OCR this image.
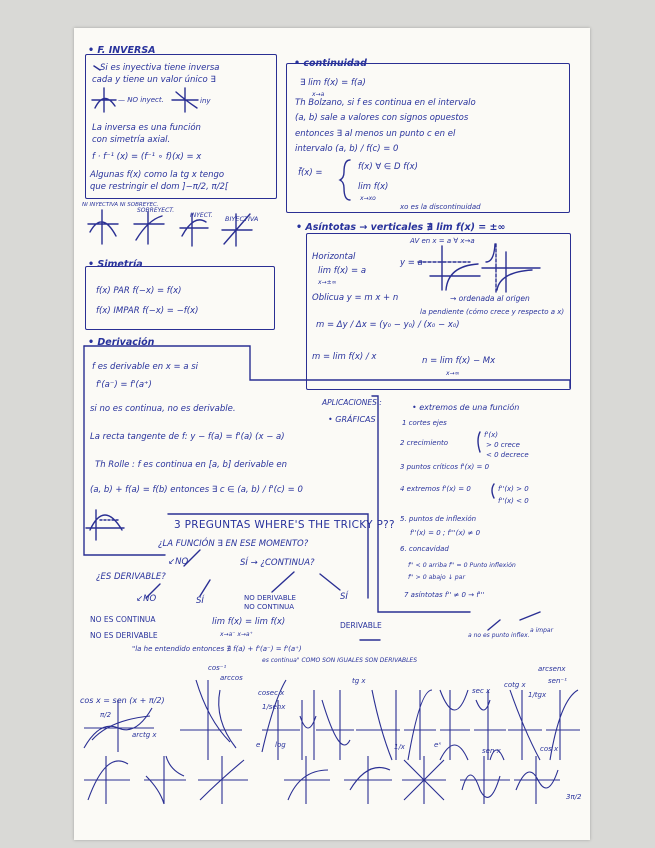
• F. INVERSA
Si es inyectiva tiene inversa
cada y tiene un valor único ∃
— NO inyect.	iny
La inversa es una función
con simetría axial.
f · f⁻¹ (x) = (f⁻¹ ∘ f)(x) = x
Algunas f(x) como la tg x tengo
que restringir el dom ]−π/2, π/2[
NI INYECTIVA NI SOBREYEC.
SOBREYECT.
INYECT. BIYECTIVA
• Simetría
f(x) PAR f(−x) = f(x)
f(x) IMPAR f(−x) = −f(x)
• continuidad
∃ lim f(x) = f(a)
x→a
Th Bolzano, si f es continua en el intervalo
(a, b) sale a valores con signos opuestos
entonces ∃ al menos un punto c en el
intervalo (a, b) / f(c) = 0
f̃(x) =
f(x) ∀ ∈ D f(x)
lim f(x)
x→xo
xo es la discontinuidad
• Asíntotas → verticales ∄ lim f(x) = ±∞
AV en x = a ∀ x→a
Horizontal
lim f(x) = a
x→±∞
y = a
Oblicua y = m x + n	→ ordenada al origen
la pendiente (cómo crece y respecto a x)
m = Δy / Δx = (y₀ − y₀) / (x₀ − x₀)
m = lim f(x) / x	n = lim f(x) − Mx
x→∞
• Derivación
f es derivable en x = a si
f'(a⁻) = f'(a⁺)
si no es continua, no es derivable.
La recta tangente de f: y − f(a) = f'(a) (x − a)
Th Rolle : f es continua en [a, b] derivable en
(a, b) + f(a) = f(b) entonces ∃ c ∈ (a, b) / f'(c) = 0
APLICACIONES :
• extremos de una función
• GRÁFICAS	1 cortes ejes
2 crecimiento
3 puntos críticos f'(x) = 0
4 extremos f'(x) = 0
5. puntos de inflexión
f''(x) = 0 ; f'''(x) ≠ 0
6. concavidad
f'' < 0 arriba f'' = 0 Punto inflexión
f'' > 0 abajo ↓ par
7 asíntotas f'' ≠ 0 → f'''
f'(x)
> 0 crece
< 0 decrece
f''(x) > 0
f''(x) < 0
a no es punto inflex.
a impar
3 PREGUNTAS WHERE'S THE TRICKY P??
¿LA FUNCIÓN ∃ EN ESE MOMENTO?
↙NO	SÍ → ¿CONTINUA?
¿ES DERIVABLE?
↙NO	SÍ	NO DERIVABLE
NO CONTINUA
SÍ
NO ES CONTINUA
NO ES DERIVABLE
lim f(x) = lim f(x)
x→a⁻ x→a⁺
DERIVABLE
"la he entendido entonces ∄ f(a) + f'(a⁻) = f'(a⁺)
es continua" COMO SON IGUALES SON DERIVABLES
cos x = sen (x + π/2)
π/2
arctg x
cos⁻¹
arccos
arcsenx
cosec x
1/senx
tg x
sec x
cotg x
1/tgx
sen⁻¹
log
e	eˣ
1/x	sen x	cos x
3π/2
